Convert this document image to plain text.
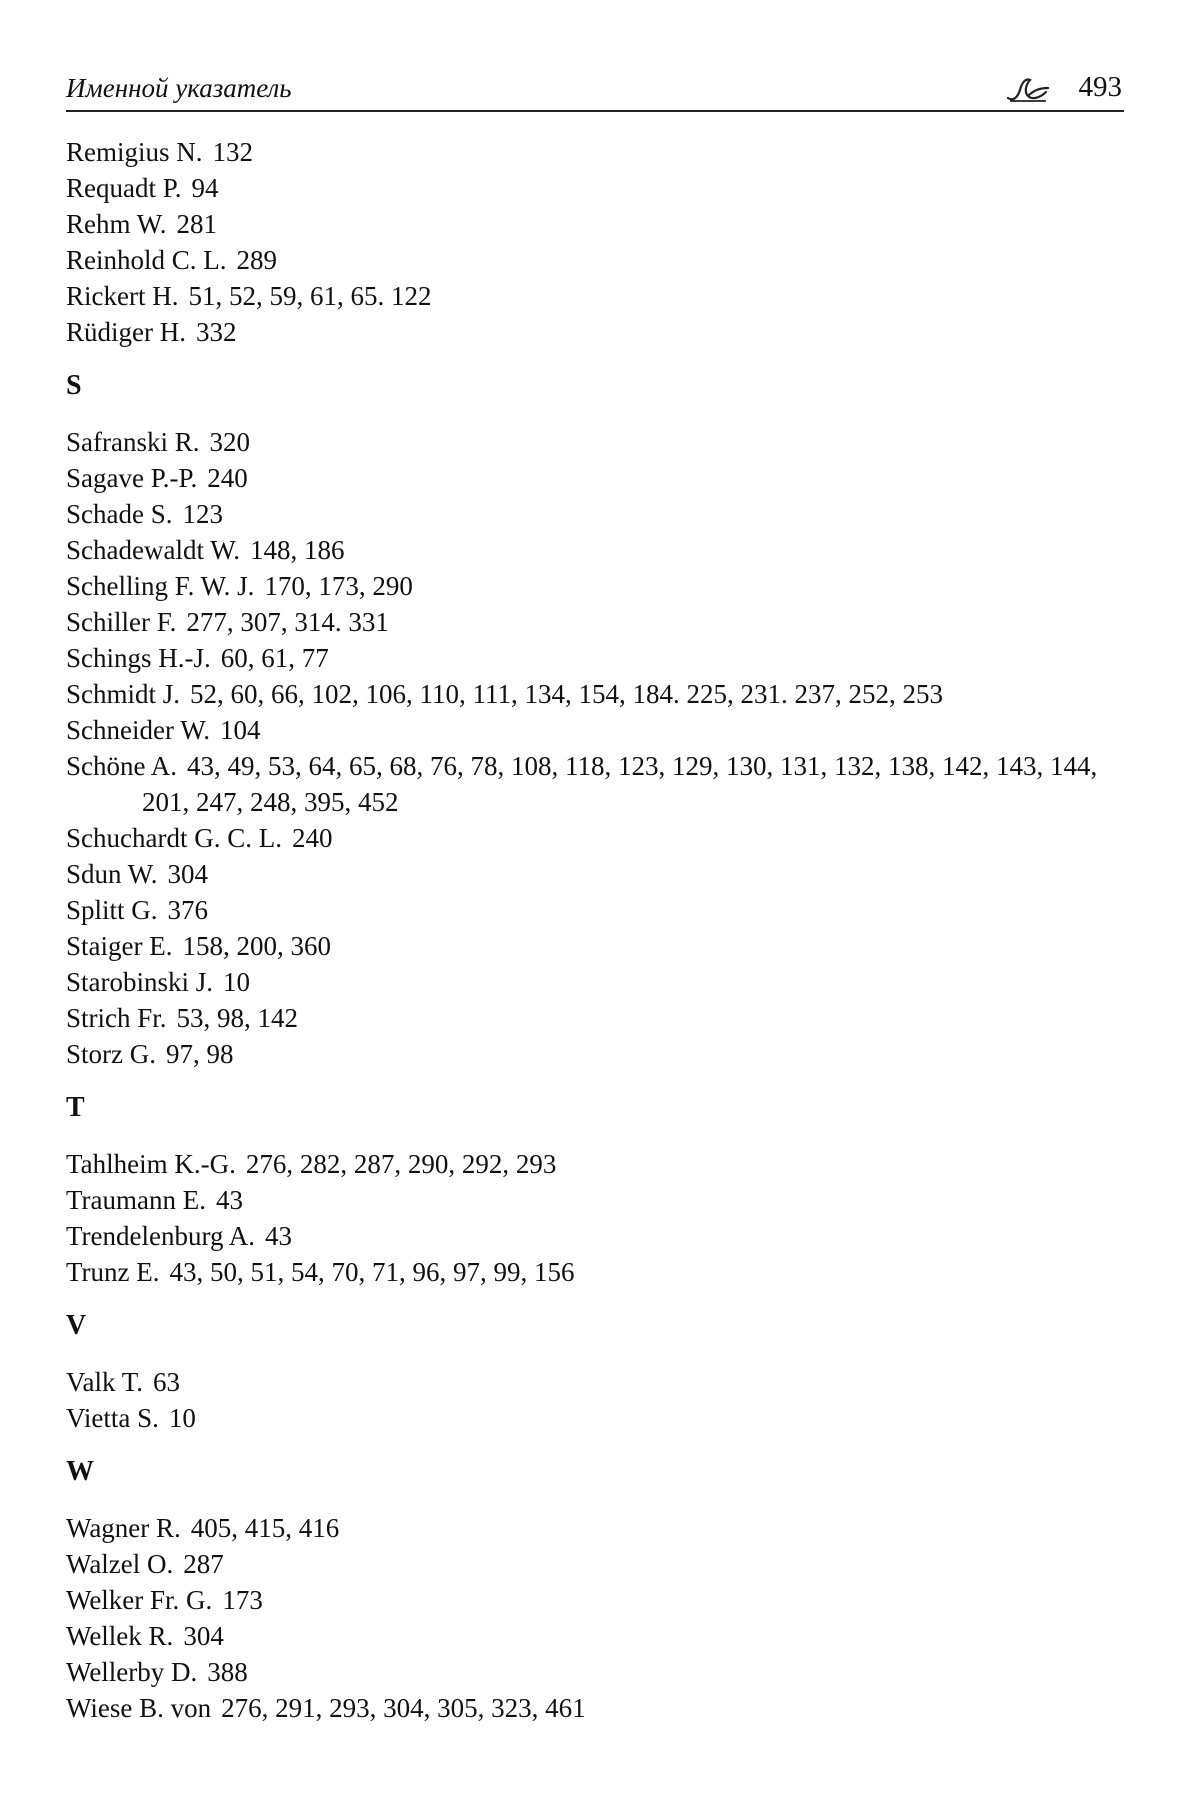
Именной указатель	493

Remigius N. 132

Requadt P. 94

Rehm W. 281

Reinhold C. L. 289

Rickert H. 51, 52, 59, 61, 65. 122

Rüdiger H. 332

S

Safranski R. 320

Sagave P.-P. 240

Schade S. 123

Schadewaldt W. 148, 186

Schelling F. W. J. 170, 173, 290

Schiller F. 277, 307, 314. 331

Schings H.-J. 60, 61, 77

Schmidt J. 52, 60, 66, 102, 106, 110, 111, 134, 154, 184. 225, 231. 237, 252, 253

Schneider W. 104

Schöne A. 43, 49, 53, 64, 65, 68, 76, 78, 108, 118, 123, 129, 130, 131, 132, 138, 142, 143, 144, 201, 247, 248, 395, 452

Schuchardt G. C. L. 240

Sdun W. 304

Splitt G. 376

Staiger E. 158, 200, 360

Starobinski J. 10

Strich Fr. 53, 98, 142

Storz G. 97, 98

T

Tahlheim K.-G. 276, 282, 287, 290, 292, 293

Traumann E. 43

Trendelenburg A. 43

Trunz E. 43, 50, 51, 54, 70, 71, 96, 97, 99, 156

V

Valk T. 63

Vietta S. 10

W

Wagner R. 405, 415, 416

Walzel O. 287

Welker Fr. G. 173

Wellek R. 304

Wellerby D. 388

Wiese B. von 276, 291, 293, 304, 305, 323, 461
